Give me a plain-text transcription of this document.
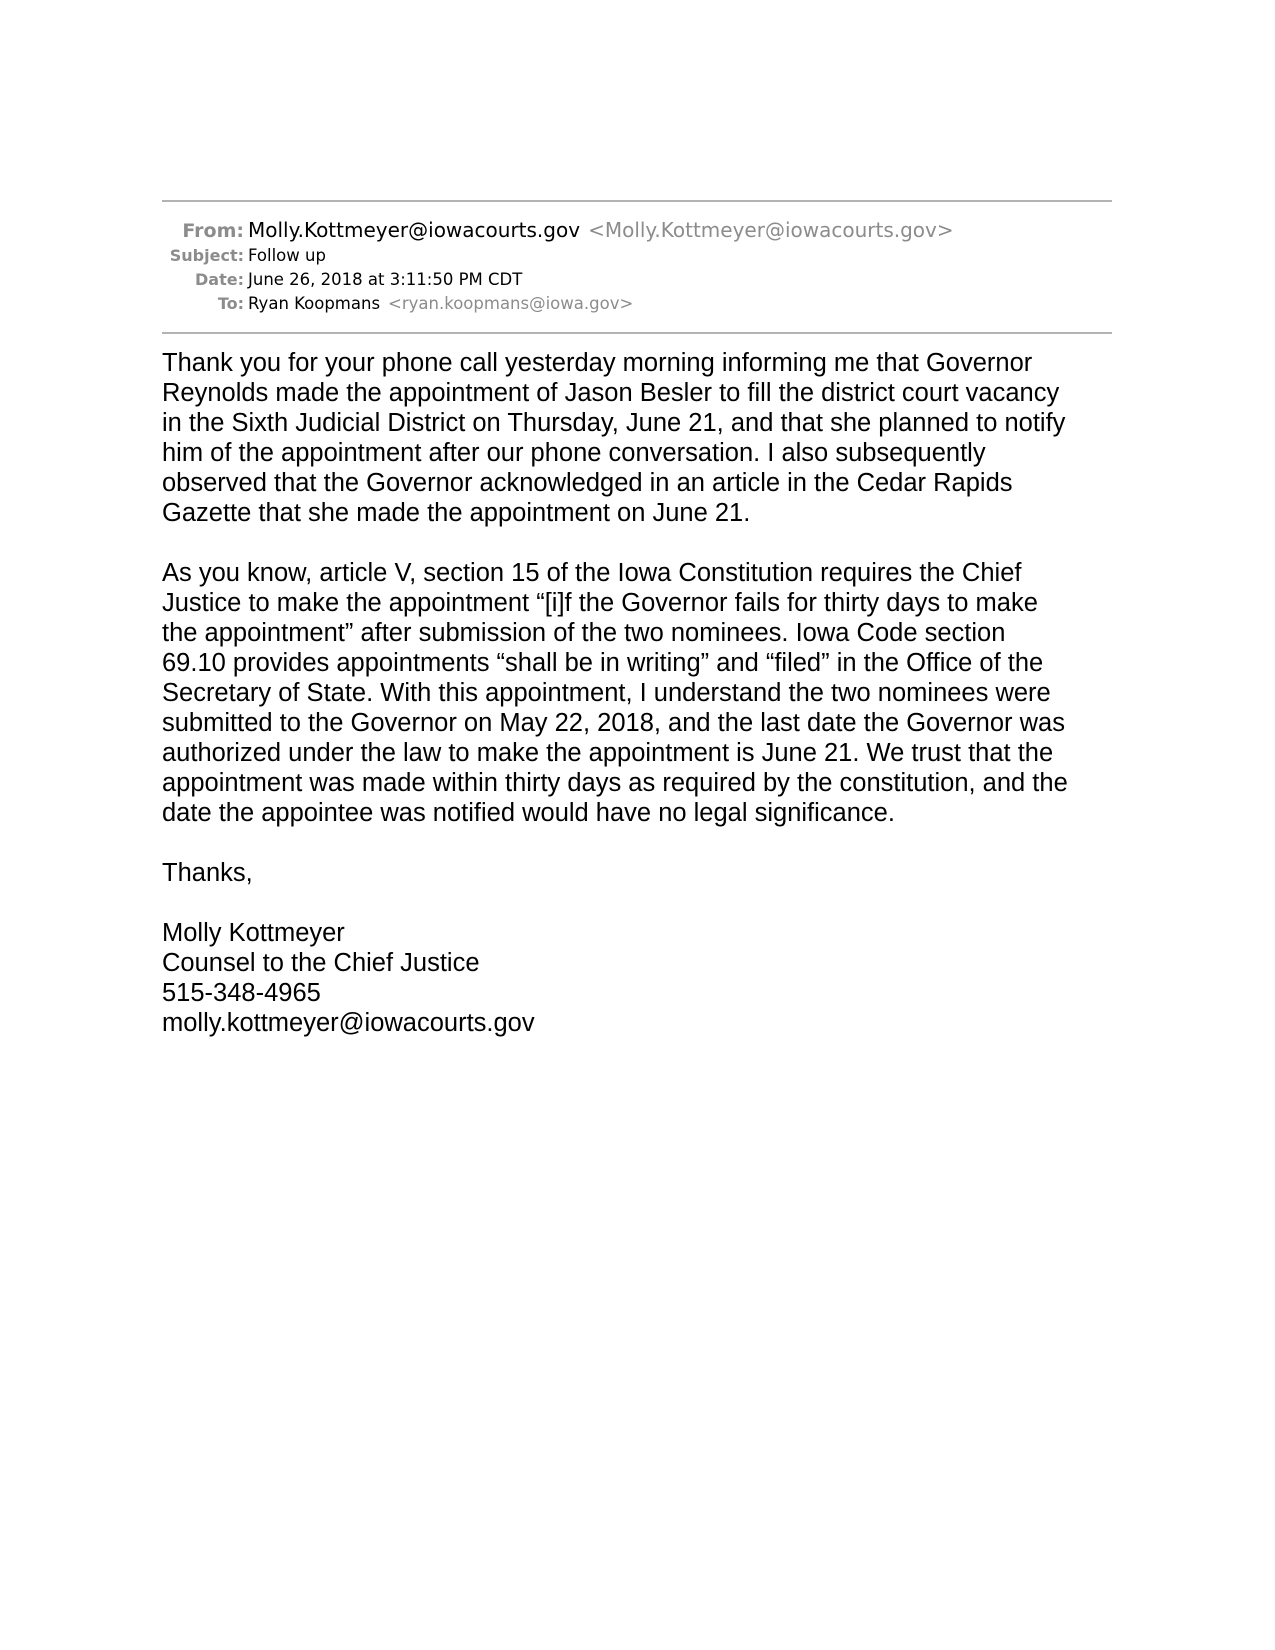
From: Molly.Kottmeyer@iowacourts.gov <Molly.Kottmeyer@iowacourts.gov>
Subject: Follow up
Date: June 26, 2018 at 3:11:50 PM CDT
To: Ryan Koopmans <ryan.koopmans@iowa.gov>

Thank you for your phone call yesterday morning informing me that Governor
Reynolds made the appointment of Jason Besler to fill the district court vacancy
in the Sixth Judicial District on Thursday, June 21, and that she planned to notify
him of the appointment after our phone conversation. I also subsequently
observed that the Governor acknowledged in an article in the Cedar Rapids
Gazette that she made the appointment on June 21.

As you know, article V, section 15 of the Iowa Constitution requires the Chief
Justice to make the appointment “[i]f the Governor fails for thirty days to make
the appointment” after submission of the two nominees. Iowa Code section
69.10 provides appointments “shall be in writing” and “filed” in the Office of the
Secretary of State. With this appointment, I understand the two nominees were
submitted to the Governor on May 22, 2018, and the last date the Governor was
authorized under the law to make the appointment is June 21. We trust that the
appointment was made within thirty days as required by the constitution, and the
date the appointee was notified would have no legal significance.

Thanks,

Molly Kottmeyer
Counsel to the Chief Justice
515-348-4965
molly.kottmeyer@iowacourts.gov
